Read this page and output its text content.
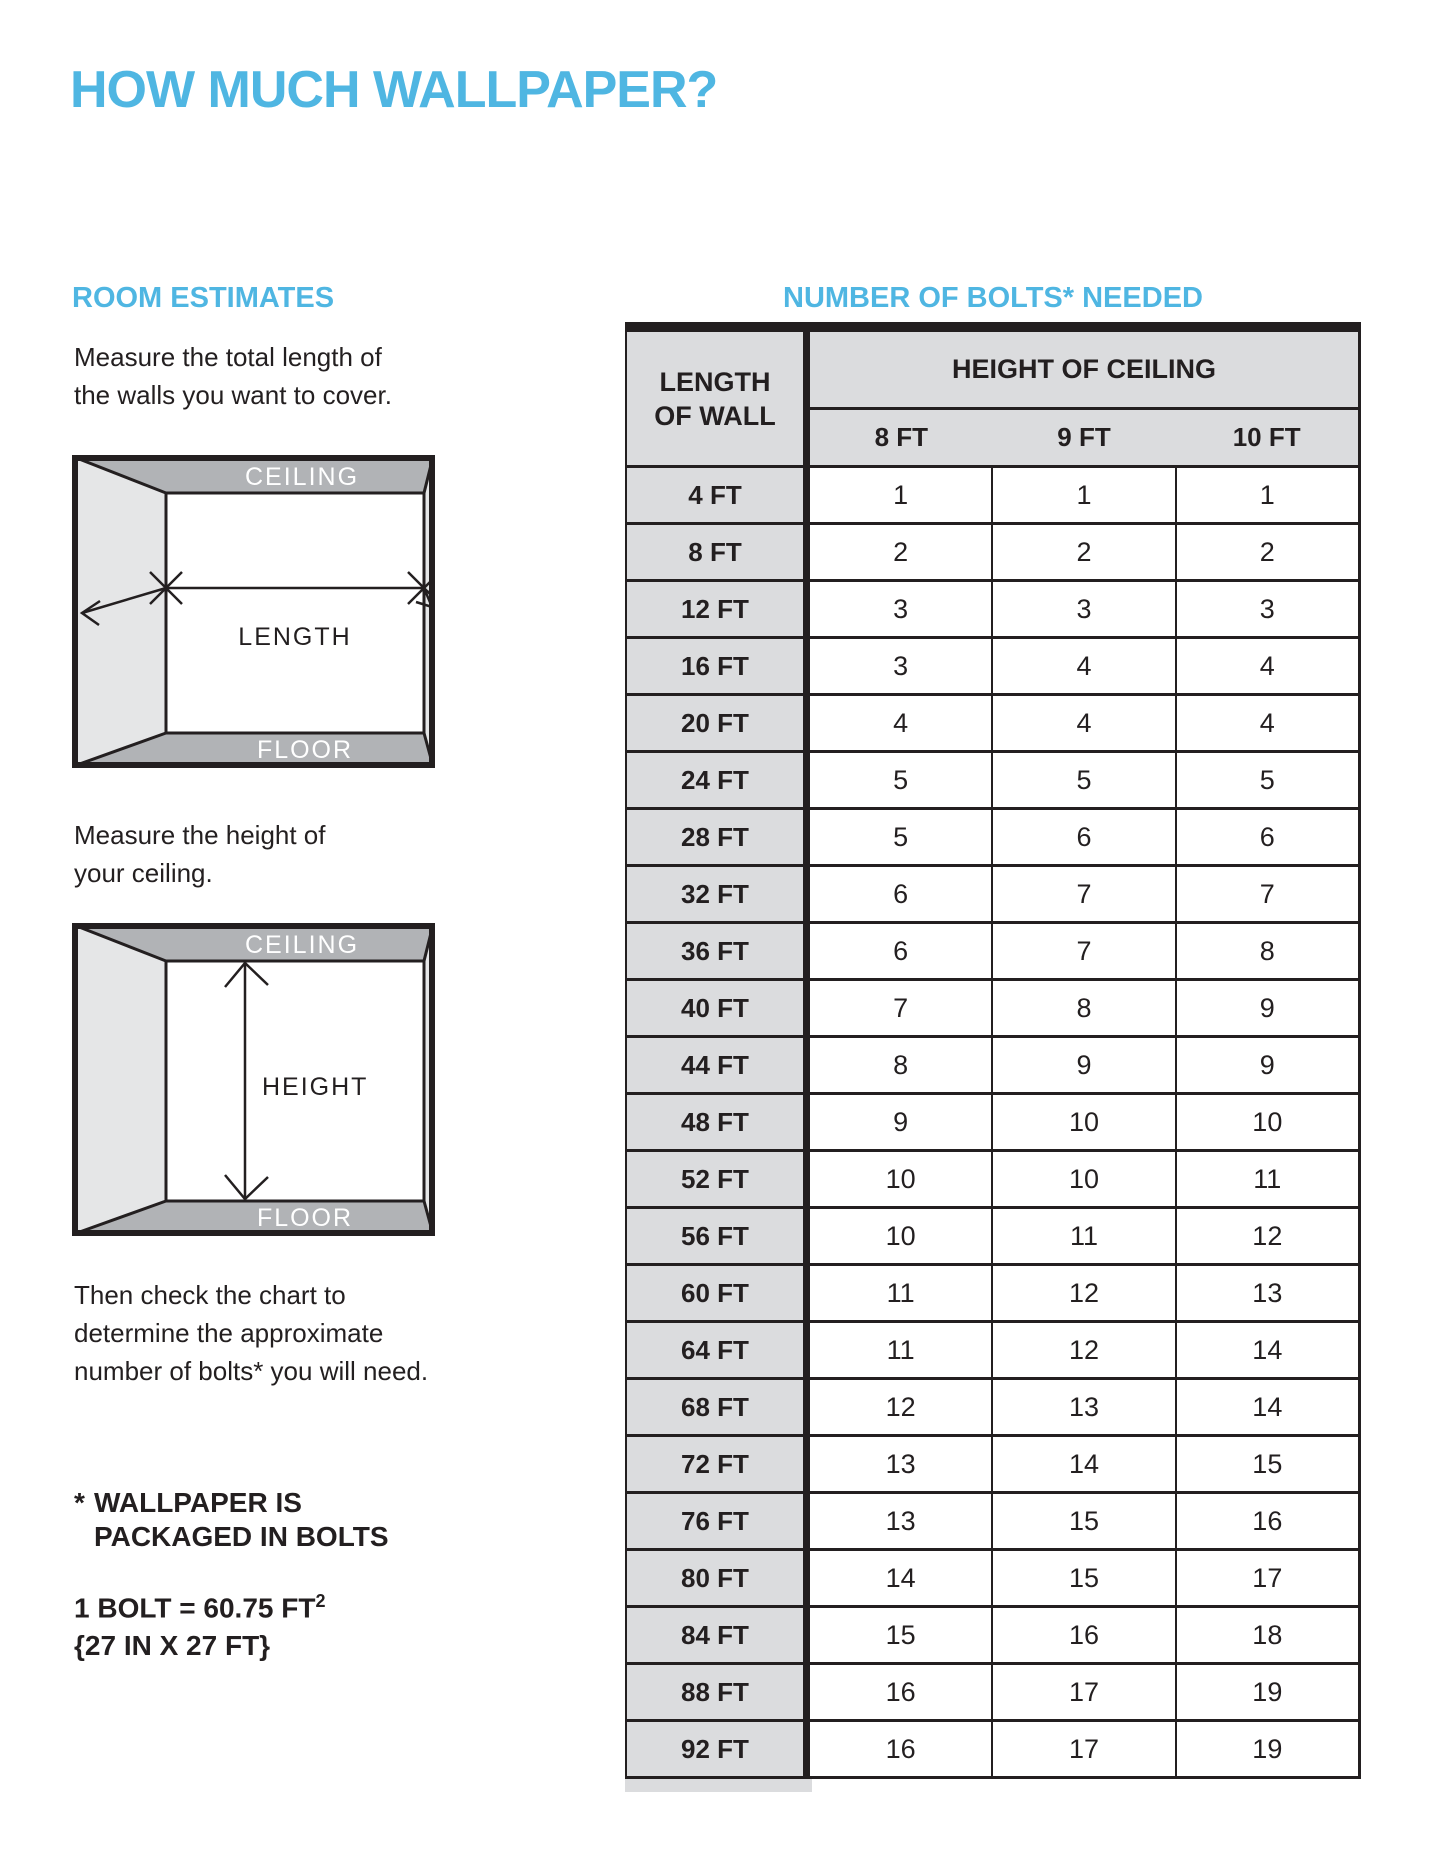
HOW MUCH WALLPAPER?
ROOM ESTIMATES

Measure the total length of
the walls you want to cover.

CEILING
LENGTH
FLOOR

Measure the height of
your ceiling.

CEILING
HEIGHT
FLOOR

Then check the chart to
determine the approximate
number of bolts* you will need.

* WALLPAPER IS
PACKAGED IN BOLTS
1 BOLT = 60.75 $FT^2$
{27 IN X 27 FT}
NUMBER OF BOLTS* NEEDED
LENGTH
OF WALL
HEIGHT OF CEILING
8 FT	9 FT	10 FT
4 FT	1	1	1
8 FT	2	2	2
12 FT	3	3	3
16 FT	3	4	4
20 FT	4	4	4
24 FT	5	5	5
28 FT	5	6	6
32 FT	6	7	7
36 FT	6	7	8
40 FT	7	8	9
44 FT	8	9	9
48 FT	9	10	10
52 FT	10	10	11
56 FT	10	11	12
60 FT	11	12	13
64 FT	11	12	14
68 FT	12	13	14
72 FT	13	14	15
76 FT	13	15	16
80 FT	14	15	17
84 FT	15	16	18
88 FT	16	17	19
92 FT	16	17	19
